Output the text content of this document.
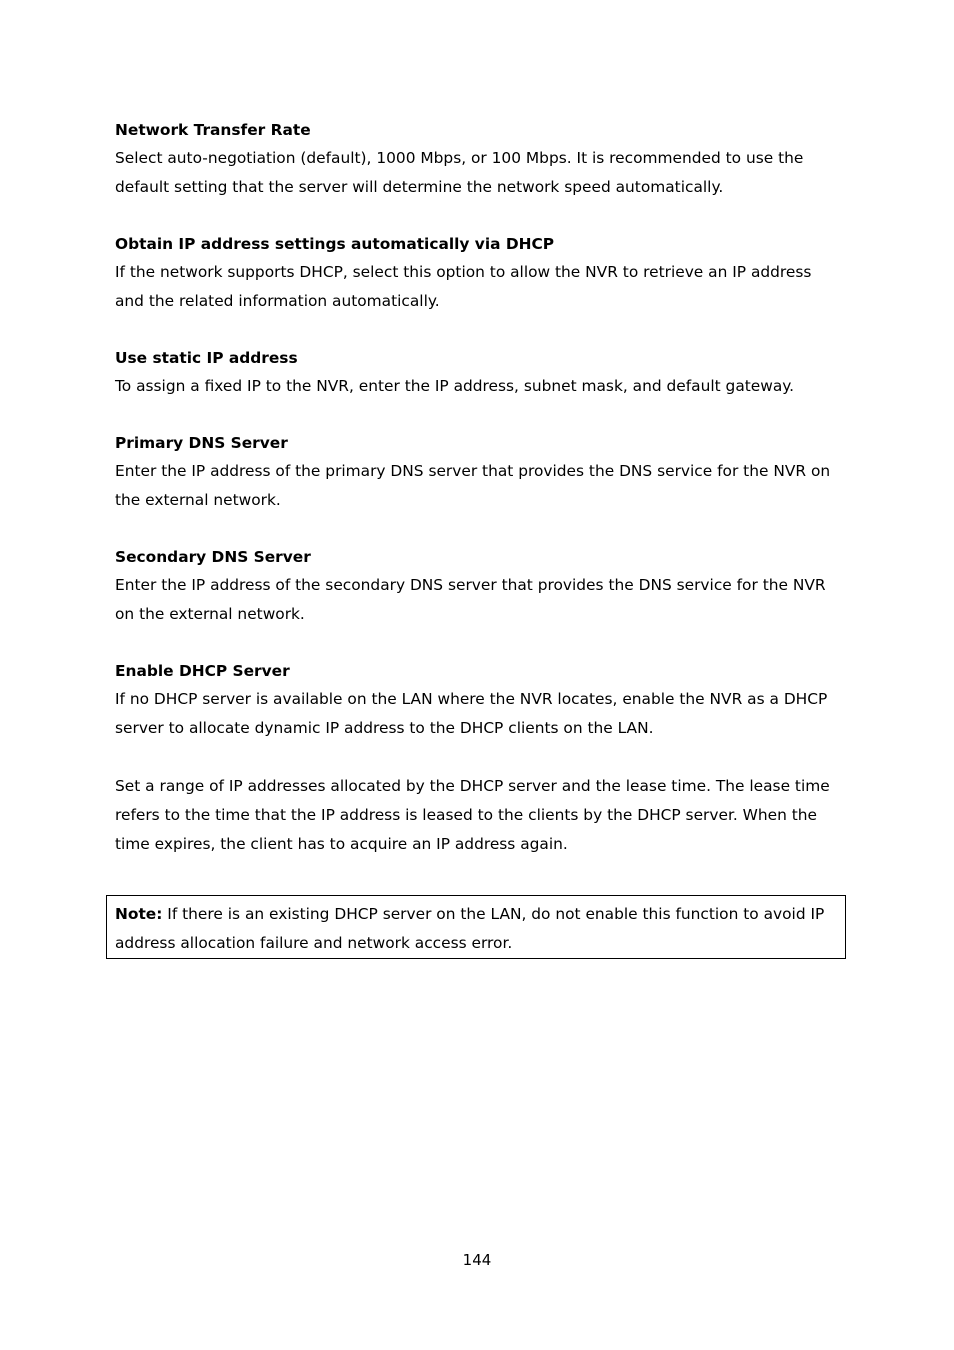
Network Transfer Rate

Select auto-negotiation (default), 1000 Mbps, or 100 Mbps. It is recommended to use the default setting that the server will determine the network speed automatically.

Obtain IP address settings automatically via DHCP

If the network supports DHCP, select this option to allow the NVR to retrieve an IP address and the related information automatically.

Use static IP address

To assign a fixed IP to the NVR, enter the IP address, subnet mask, and default gateway.

Primary DNS Server

Enter the IP address of the primary DNS server that provides the DNS service for the NVR on the external network.

Secondary DNS Server

Enter the IP address of the secondary DNS server that provides the DNS service for the NVR on the external network.

Enable DHCP Server

If no DHCP server is available on the LAN where the NVR locates, enable the NVR as a DHCP server to allocate dynamic IP address to the DHCP clients on the LAN.

Set a range of IP addresses allocated by the DHCP server and the lease time. The lease time refers to the time that the IP address is leased to the clients by the DHCP server. When the time expires, the client has to acquire an IP address again.

Note: If there is an existing DHCP server on the LAN, do not enable this function to avoid IP address allocation failure and network access error.

144
